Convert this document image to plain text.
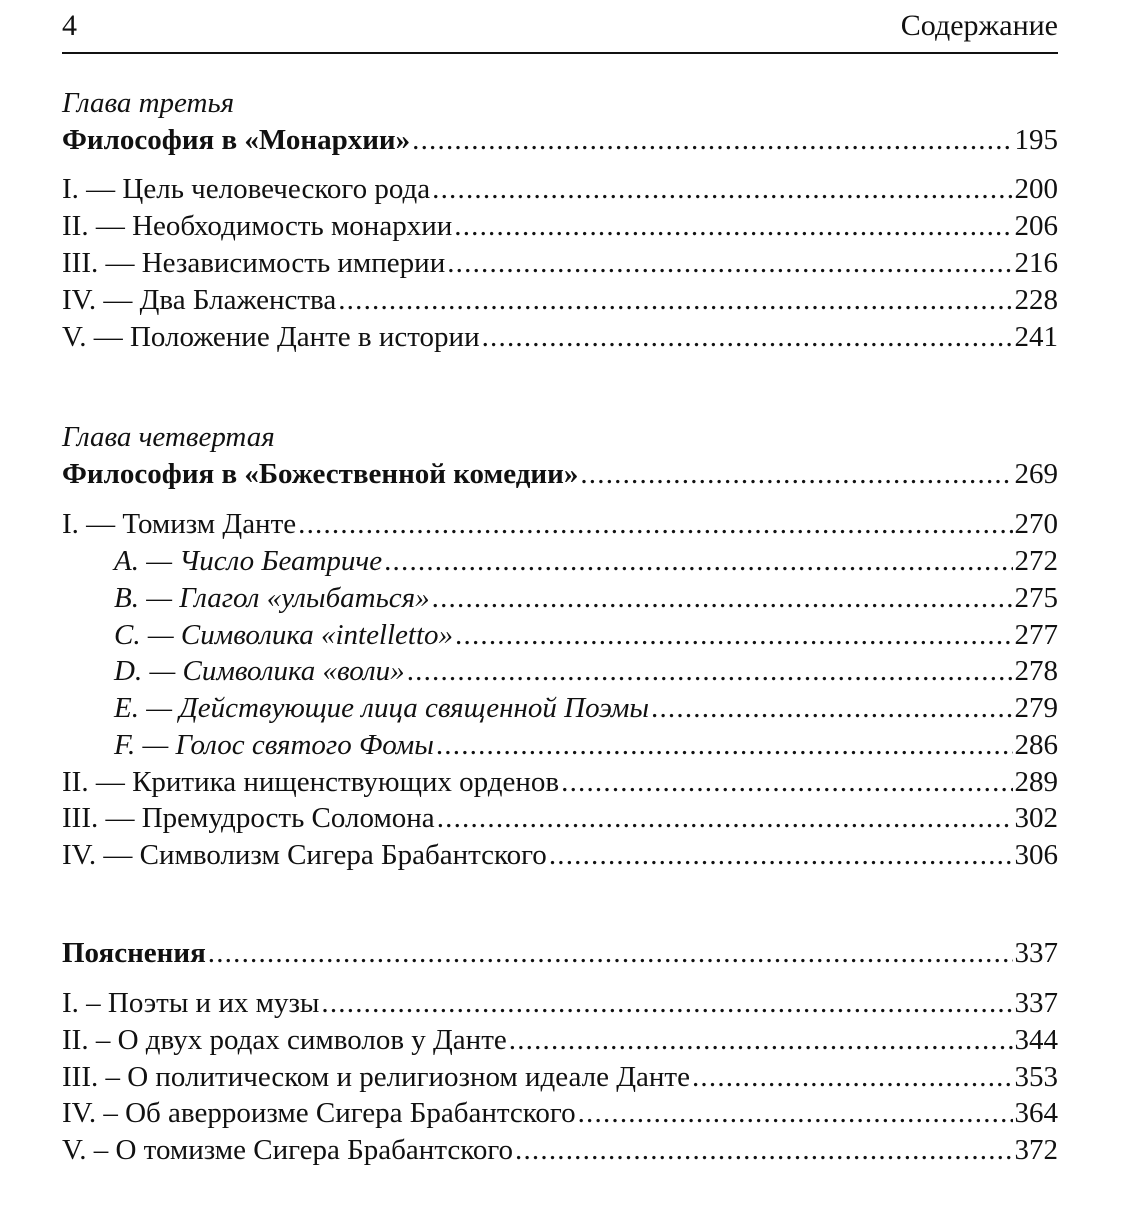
4	Содержание
Глава третья
Философия в «Монархии» .....	195
I. — Цель человеческого рода .....	200
II. — Необходимость монархии .....	206
III. — Независимость империи .....	216
IV. — Два Блаженства .....	228
V. — Положение Данте в истории .....	241
Глава четвертая
Философия в «Божественной комедии» .....	269
I. — Томизм Данте .....	270
A. — Число Беатриче .....	272
B. — Глагол «улыбаться» .....	275
C. — Символика «intelletto» .....	277
D. — Символика «воли» .....	278
E. — Действующие лица священной Поэмы .....	279
F. — Голос святого Фомы .....	286
II. — Критика нищенствующих орденов .....	289
III. — Премудрость Соломона .....	302
IV. — Символизм Сигера Брабантского .....	306
Пояснения .....	337
I. – Поэты и их музы .....	337
II. – О двух родах символов у Данте .....	344
III. – О политическом и религиозном идеале Данте .....	353
IV. – Об аверроизме Сигера Брабантского .....	364
V. – О томизме Сигера Брабантского .....	372
